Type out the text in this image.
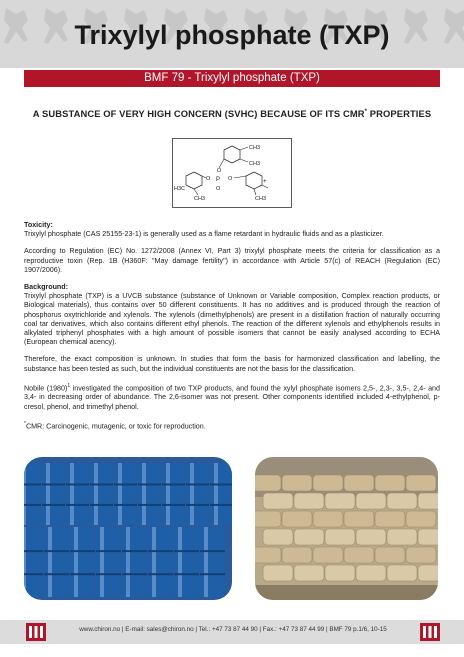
Trixylyl phosphate (TXP)
BMF 79 - Trixylyl phosphate (TXP)
A SUBSTANCE OF VERY HIGH CONCERN (SVHC) BECAUSE OF ITS CMR* PROPERTIES
CH3
CH3
O
P
O
O	O
H3C
CH3
+
CH3

Toxicity:

Trixylyl phosphate (CAS 25155-23-1) is generally used as a flame retardant in hydraulic fluids and as a plasticizer.

According to Regulation (EC) No. 1272/2008 (Annex VI, Part 3) trixylyl phosphate meets the criteria for classification as a reproductive toxin (Rep. 1B (H360F: "May damage fertility") in accordance with Article 57(c) of REACH (Regulation (EC) 1907/2006).

Background:

Trixylyl phosphate (TXP) is a UVCB substance (substance of Unknown or Variable composition, Complex reaction products, or Biological materials), thus contains over 50 different constituents. It has no additives and is produced through the reaction of phosphorus oxytrichloride and xylenols. The xylenols (dimethylphenols) are present in a distillation fraction of naturally occurring coal tar derivatives, which also contains different ethyl phenols. The reaction of the different xylenols and ethylphenols results in alkylated triphenyl phosphates with a high amount of possible isomers that cannot be easily analysed according to ECHA (European chemical acency).

Therefore, the exact composition is unknown. In studies that form the basis for harmonized classification and labelling, the substance has been tested as such, but the individual constituents are not the basis for the classification.

Nobile $(1980)^1$ investigated the composition of two TXP products, and found the xylyl phosphate isomers 2,5-, 2,3-, 3,5-, 2,4- and 3,4- in decreasing order of abundance. The 2,6-isomer was not present. Other components identified included 4-ethylphenol, p-cresol, phenol, and trimethyl phenol.

*CMR: Carcinogenic, mutagenic, or toxic for reproduction.

www.chiron.no | E-mail: sales@chiron.no | Tel.: +47 73 87 44 90 | Fax.: +47 73 87 44 99 | BMF 79 p.1/6, 10-15
